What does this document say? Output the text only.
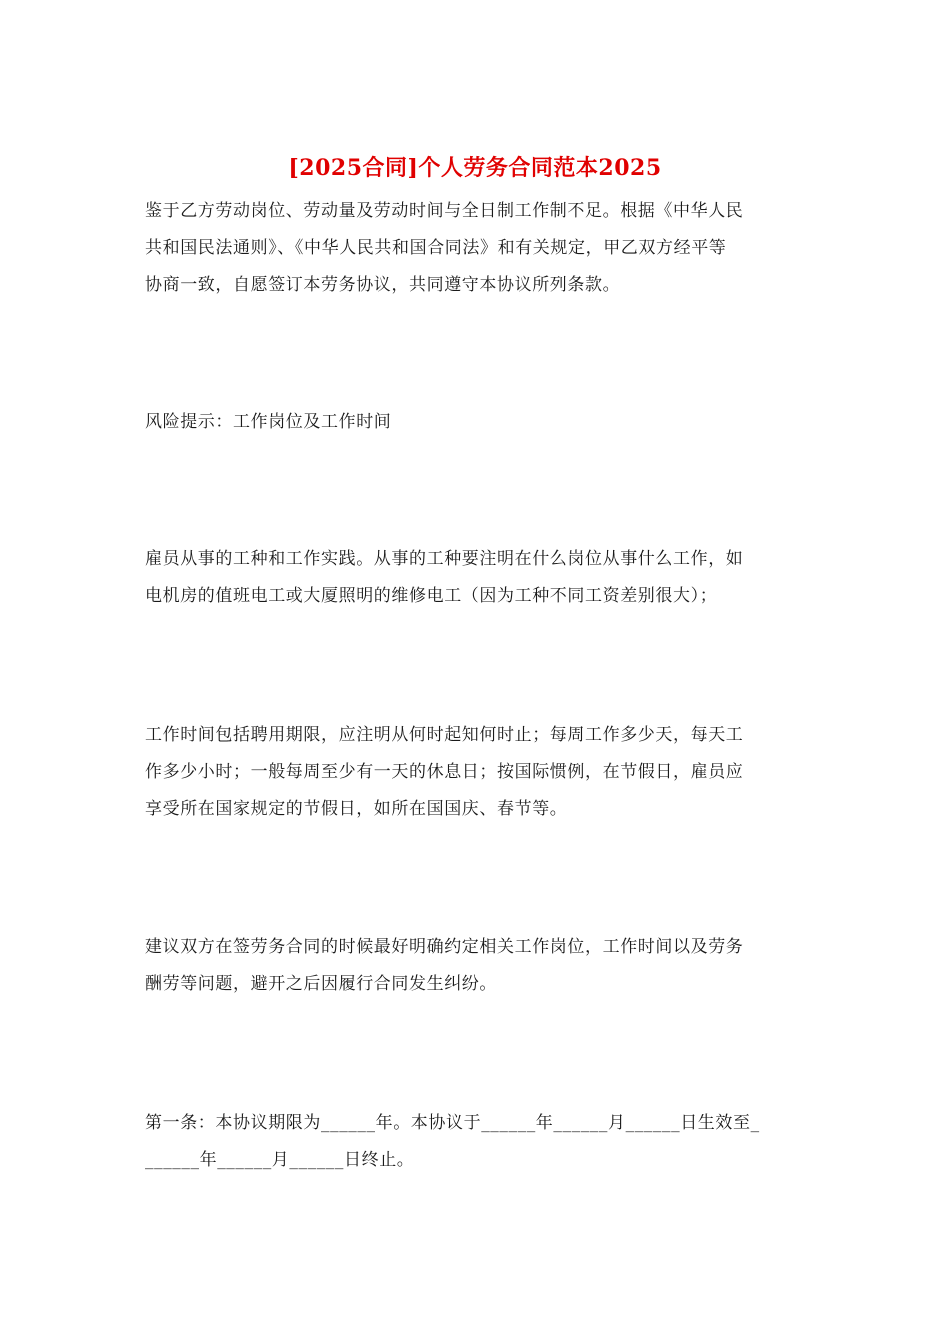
[2025合同]个人劳务合同范本2025

鉴于乙方劳动岗位、劳动量及劳动时间与全日制工作制不足。根据《中华人民
共和国民法通则》、《中华人民共和国合同法》和有关规定，甲乙双方经平等
协商一致，自愿签订本劳务协议，共同遵守本协议所列条款。

风险提示：工作岗位及工作时间

雇员从事的工种和工作实践。从事的工种要注明在什么岗位从事什么工作，如
电机房的值班电工或大厦照明的维修电工（因为工种不同工资差别很大）；

工作时间包括聘用期限，应注明从何时起知何时止；每周工作多少天，每天工
作多少小时；一般每周至少有一天的休息日；按国际惯例，在节假日，雇员应
享受所在国家规定的节假日，如所在国国庆、春节等。

建议双方在签劳务合同的时候最好明确约定相关工作岗位，工作时间以及劳务
酬劳等问题，避开之后因履行合同发生纠纷。

第一条：本协议期限为______年。本协议于______年______月______日生效至_
______年______月______日终止。
